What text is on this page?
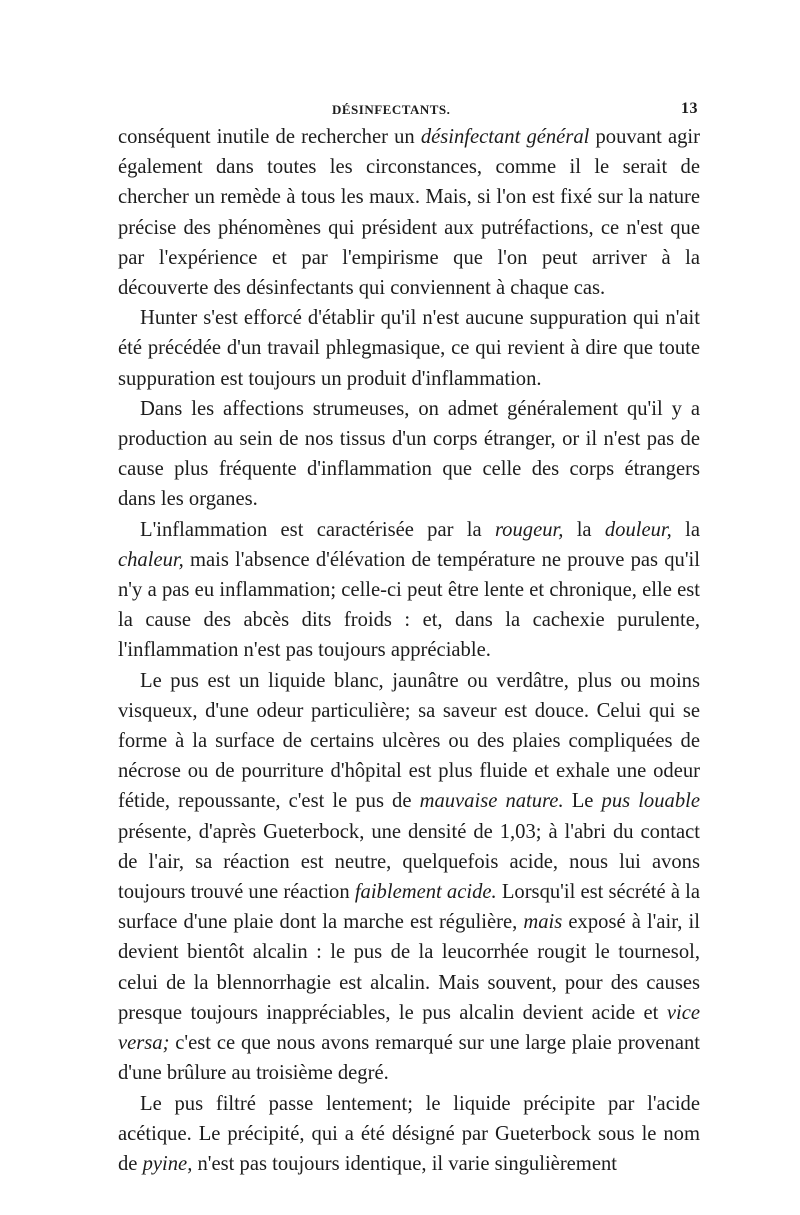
DÉSINFECTANTS.	13

conséquent inutile de rechercher un désinfectant général pouvant agir également dans toutes les circonstances, comme il le serait de chercher un remède à tous les maux. Mais, si l'on est fixé sur la nature précise des phénomènes qui président aux putréfactions, ce n'est que par l'expérience et par l'empirisme que l'on peut arriver à la découverte des désinfectants qui conviennent à chaque cas.

Hunter s'est efforcé d'établir qu'il n'est aucune suppuration qui n'ait été précédée d'un travail phlegmasique, ce qui revient à dire que toute suppuration est toujours un produit d'inflammation.

Dans les affections strumeuses, on admet généralement qu'il y a production au sein de nos tissus d'un corps étranger, or il n'est pas de cause plus fréquente d'inflammation que celle des corps étrangers dans les organes.

L'inflammation est caractérisée par la rougeur, la douleur, la chaleur, mais l'absence d'élévation de température ne prouve pas qu'il n'y a pas eu inflammation; celle-ci peut être lente et chronique, elle est la cause des abcès dits froids : et, dans la cachexie purulente, l'inflammation n'est pas toujours appréciable.

Le pus est un liquide blanc, jaunâtre ou verdâtre, plus ou moins visqueux, d'une odeur particulière; sa saveur est douce. Celui qui se forme à la surface de certains ulcères ou des plaies compliquées de nécrose ou de pourriture d'hôpital est plus fluide et exhale une odeur fétide, repoussante, c'est le pus de mauvaise nature. Le pus louable présente, d'après Gueterbock, une densité de 1,03; à l'abri du contact de l'air, sa réaction est neutre, quelquefois acide, nous lui avons toujours trouvé une réaction faiblement acide. Lorsqu'il est sécrété à la surface d'une plaie dont la marche est régulière, mais exposé à l'air, il devient bientôt alcalin : le pus de la leucorrhée rougit le tournesol, celui de la blennorrhagie est alcalin. Mais souvent, pour des causes presque toujours inappréciables, le pus alcalin devient acide et vice versa; c'est ce que nous avons remarqué sur une large plaie provenant d'une brûlure au troisième degré.

Le pus filtré passe lentement; le liquide précipite par l'acide acétique. Le précipité, qui a été désigné par Gueterbock sous le nom de pyine, n'est pas toujours identique, il varie singulièrement
